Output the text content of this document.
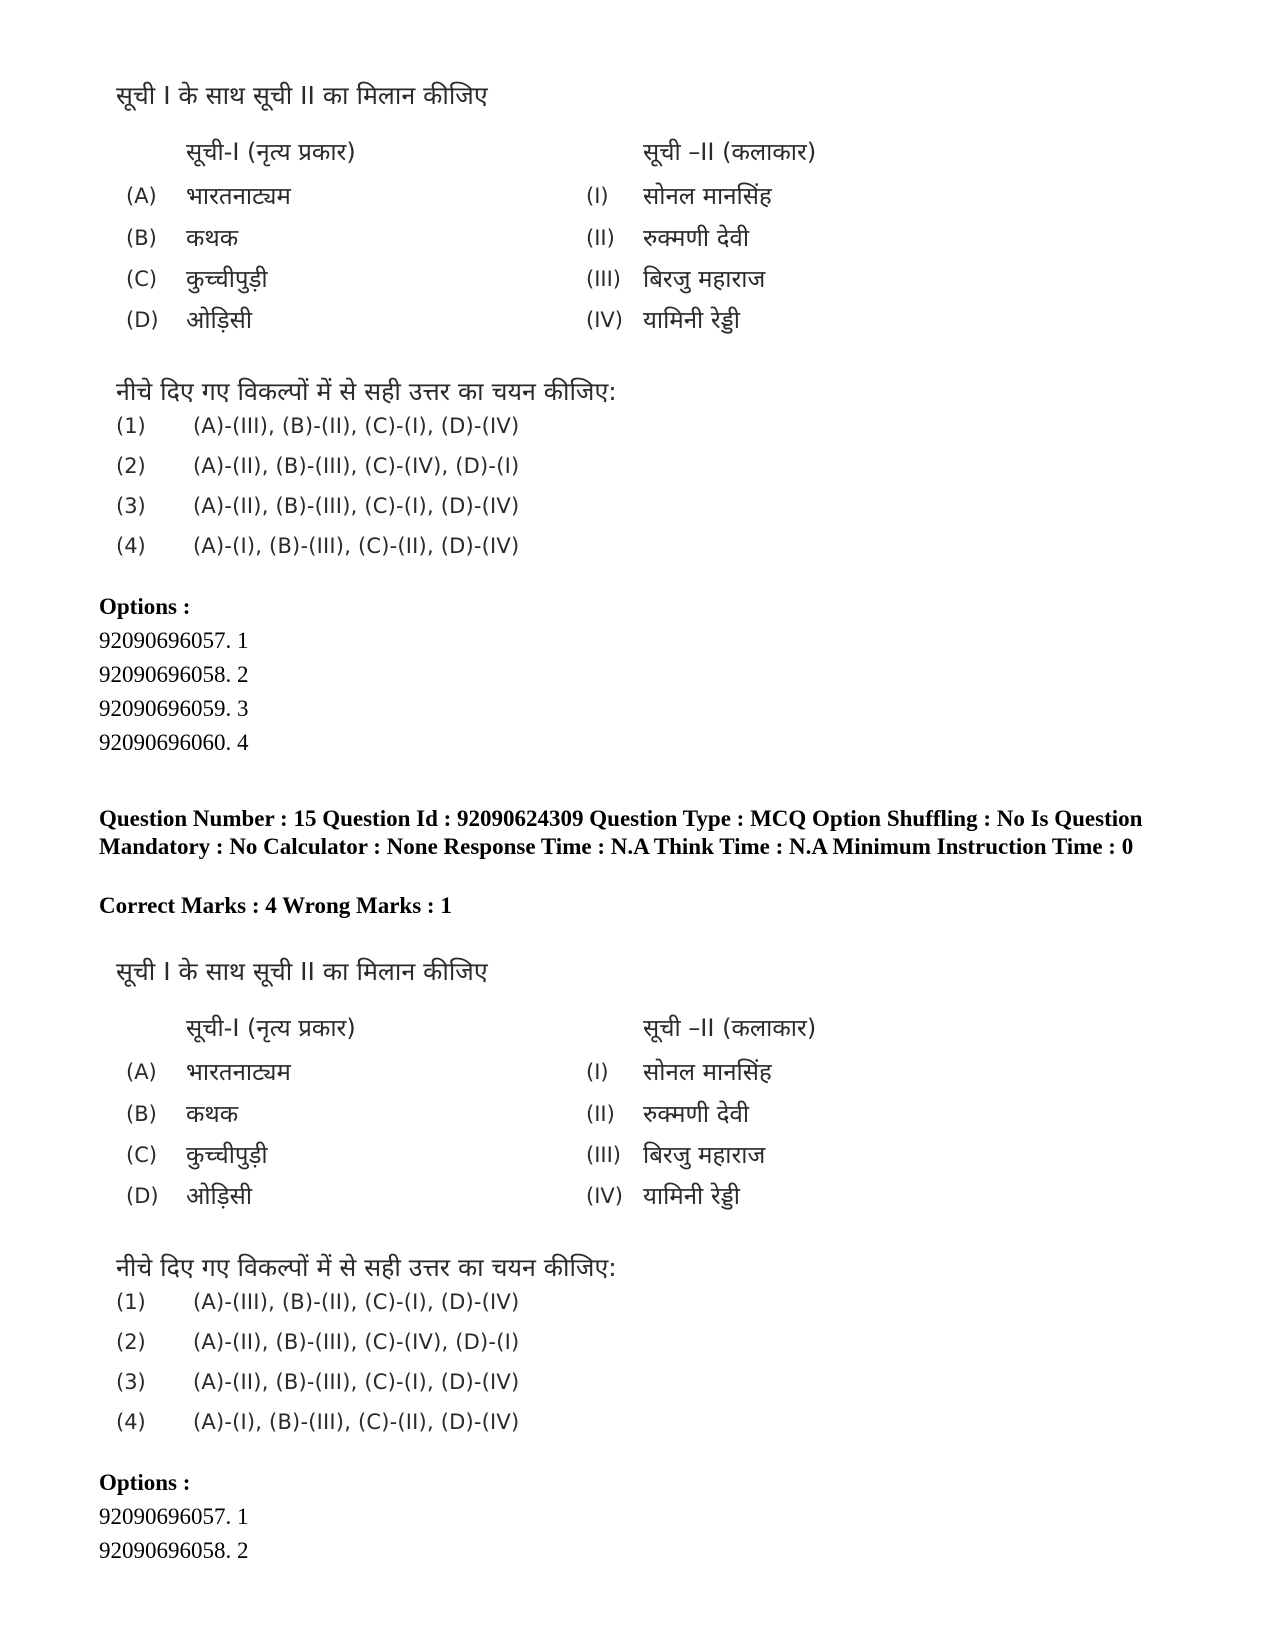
सूची I के साथ सूची II का मिलान कीजिए
सूची-I (नृत्य प्रकार)	सूची –II (कलाकार)
(A) भारतनाट्यम	(I) सोनल मानसिंह
(B) कथक	(II) रुक्मणी देवी
(C) कुच्चीपुड़ी	(III) बिरजु महाराज
(D) ओड़िसी	(IV) यामिनी रेड्डी
नीचे दिए गए विकल्पों में से सही उत्तर का चयन कीजिए:
(1) (A)-(III), (B)-(II), (C)-(I), (D)-(IV)
(2) (A)-(II), (B)-(III), (C)-(IV), (D)-(I)
(3) (A)-(II), (B)-(III), (C)-(I), (D)-(IV)
(4) (A)-(I), (B)-(III), (C)-(II), (D)-(IV)
Options :
92090696057. 1
92090696058. 2
92090696059. 3
92090696060. 4
Question Number : 15 Question Id : 92090624309 Question Type : MCQ Option Shuffling : No Is Question Mandatory : No Calculator : None Response Time : N.A Think Time : N.A Minimum Instruction Time : 0
Correct Marks : 4 Wrong Marks : 1
सूची I के साथ सूची II का मिलान कीजिए
सूची-I (नृत्य प्रकार)	सूची –II (कलाकार)
(A) भारतनाट्यम	(I) सोनल मानसिंह
(B) कथक	(II) रुक्मणी देवी
(C) कुच्चीपुड़ी	(III) बिरजु महाराज
(D) ओड़िसी	(IV) यामिनी रेड्डी
नीचे दिए गए विकल्पों में से सही उत्तर का चयन कीजिए:
(1) (A)-(III), (B)-(II), (C)-(I), (D)-(IV)
(2) (A)-(II), (B)-(III), (C)-(IV), (D)-(I)
(3) (A)-(II), (B)-(III), (C)-(I), (D)-(IV)
(4) (A)-(I), (B)-(III), (C)-(II), (D)-(IV)
Options :
92090696057. 1
92090696058. 2
